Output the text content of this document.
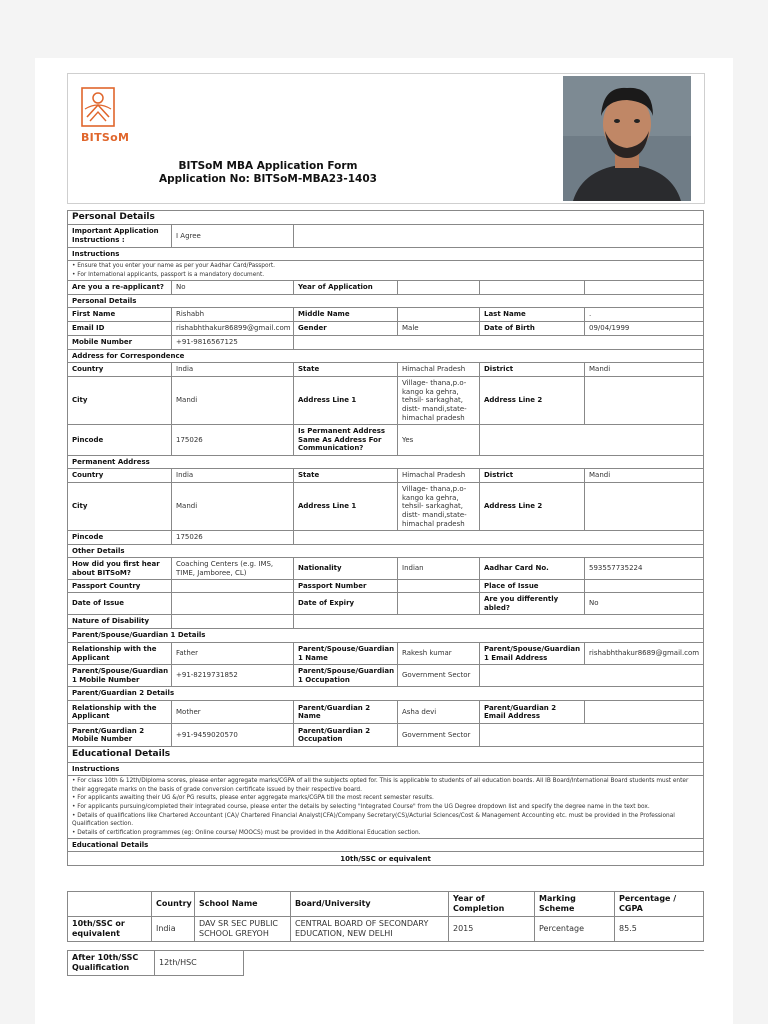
BITSoM
BITSoM MBA Application Form
Application No: BITSoM-MBA23-1403
Personal Details					
Important Application Instructions :	I Agree				
Instructions					

• Ensure that you enter your name as per your Aadhar Card/Passport.
• For International applicants, passport is a mandatory document.					

Are you a re-applicant?	No	Year of Application			
Personal Details					
First Name	Rishabh	Middle Name		Last Name	.
Email ID	rishabhthakur86899@gmail.com	Gender	Male	Date of Birth	09/04/1999
Mobile Number	+91-9816567125				
Address for Correspondence					
Country	India	State	Himachal Pradesh	District	Mandi
City	Mandi	Address Line 1	Village- thana,p.o- kango ka gehra, tehsil- sarkaghat, distt- mandi,state- himachal pradesh	Address Line 2	
Pincode	175026	Is Permanent Address Same As Address For Communication?	Yes		
Permanent Address					
Country	India	State	Himachal Pradesh	District	Mandi
City	Mandi	Address Line 1	Village- thana,p.o- kango ka gehra, tehsil- sarkaghat, distt- mandi,state- himachal pradesh	Address Line 2	
Pincode	175026				
Other Details					
How did you first hear about BITSoM?	Coaching Centers (e.g. IMS, TIME, Jamboree, CL)	Nationality	Indian	Aadhar Card No.	593557735224
Passport Country		Passport Number		Place of Issue	
Date of Issue		Date of Expiry		Are you differently abled?	No
Nature of Disability					
Parent/Spouse/Guardian 1 Details					
Relationship with the Applicant	Father	Parent/Spouse/Guardian 1 Name	Rakesh kumar	Parent/Spouse/Guardian 1 Email Address	rishabhthakur8689@gmail.com
Parent/Spouse/Guardian 1 Mobile Number	+91-8219731852	Parent/Spouse/Guardian 1 Occupation	Government Sector		
Parent/Guardian 2 Details					
Relationship with the Applicant	Mother	Parent/Guardian 2 Name	Asha devi	Parent/Guardian 2 Email Address	
Parent/Guardian 2 Mobile Number	+91-9459020570	Parent/Guardian 2 Occupation	Government Sector		
Educational Details					
Instructions					

• For class 10th & 12th/Diploma scores, please enter aggregate marks/CGPA of all the subjects opted for. This is applicable to students of all education boards. All IB Board/International Board students must enter their aggregate marks on the basis of grade conversion certificate issued by their respective board.
• For applicants awaiting their UG &/or PG results, please enter aggregate marks/CGPA till the most recent semester results.
• For applicants pursuing/completed their integrated course, please enter the details by selecting "Integrated Course" from the UG Degree dropdown list and specify the degree name in the text box.
• Details of qualifications like Chartered Accountant (CA)/ Chartered Financial Analyst(CFA)/Company Secretary(CS)/Acturial Sciences/Cost & Management Accounting etc. must be provided in the Professional Qualification section.
• Details of certification programmes (eg: Online course/ MOOCS) must be provided in the Additional Education section.					

Educational Details					
10th/SSC or equivalent					
	Country	School Name	Board/University	Year of Completion	Marking Scheme	Percentage / CGPA
10th/SSC or equivalent	India	DAV SR SEC PUBLIC SCHOOL GREYOH	CENTRAL BOARD OF SECONDARY EDUCATION, NEW DELHI	2015	Percentage	85.5
After 10th/SSC Qualification	12th/HSC	
